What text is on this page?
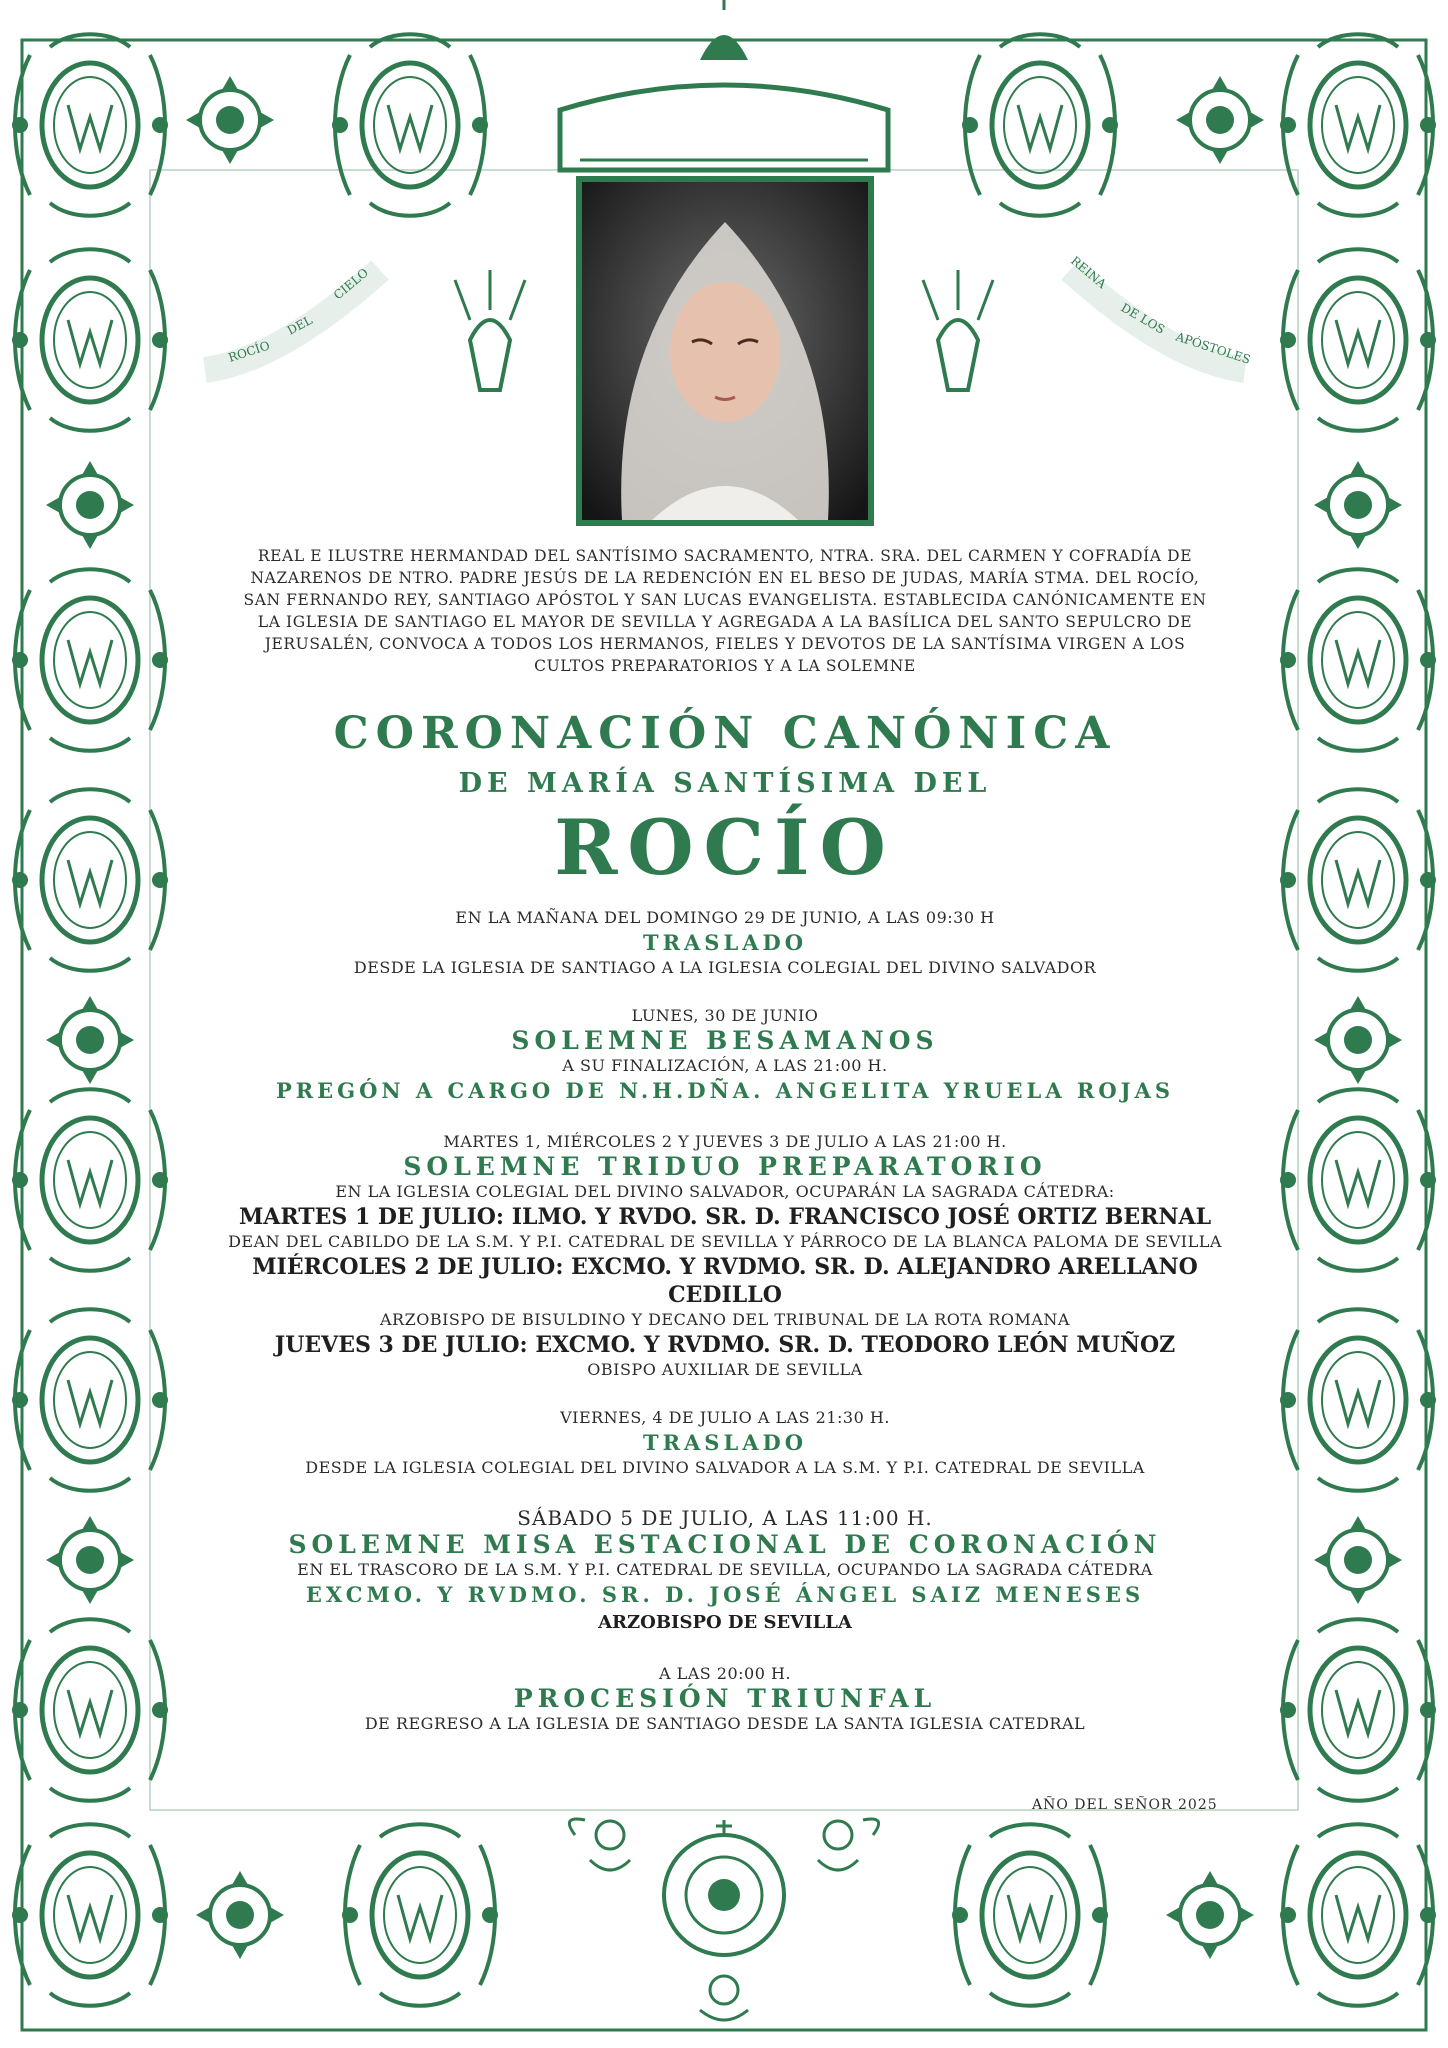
ROCÍO
DEL
CIELO	REINA
DE LOS
APÓSTOLES

REAL E ILUSTRE HERMANDAD DEL SANTÍSIMO SACRAMENTO, NTRA. SRA. DEL CARMEN Y COFRADÍA DE NAZARENOS DE NTRO. PADRE JESÚS DE LA REDENCIÓN EN EL BESO DE JUDAS, MARÍA STMA. DEL ROCÍO, SAN FERNANDO REY, SANTIAGO APÓSTOL Y SAN LUCAS EVANGELISTA. ESTABLECIDA CANÓNICAMENTE EN LA IGLESIA DE SANTIAGO EL MAYOR DE SEVILLA Y AGREGADA A LA BASÍLICA DEL SANTO SEPULCRO DE JERUSALÉN, CONVOCA A TODOS LOS HERMANOS, FIELES Y DEVOTOS DE LA SANTÍSIMA VIRGEN A LOS CULTOS PREPARATORIOS Y A LA SOLEMNE

CORONACIÓN CANÓNICA
DE MARÍA SANTÍSIMA DEL
ROCÍO
EN LA MAÑANA DEL DOMINGO 29 DE JUNIO, A LAS 09:30 H
TRASLADO
DESDE LA IGLESIA DE SANTIAGO A LA IGLESIA COLEGIAL DEL DIVINO SALVADOR
LUNES, 30 DE JUNIO
SOLEMNE BESAMANOS
A SU FINALIZACIÓN, A LAS 21:00 H.
PREGÓN A CARGO DE N.H.DÑA. ANGELITA YRUELA ROJAS
MARTES 1, MIÉRCOLES 2 Y JUEVES 3 DE JULIO A LAS 21:00 H.
SOLEMNE TRIDUO PREPARATORIO
EN LA IGLESIA COLEGIAL DEL DIVINO SALVADOR, OCUPARÁN LA SAGRADA CÁTEDRA:
MARTES 1 DE JULIO: ILMO. Y RVDO. SR. D. FRANCISCO JOSÉ ORTIZ BERNAL
DEAN DEL CABILDO DE LA S.M. Y P.I. CATEDRAL DE SEVILLA Y PÁRROCO DE LA BLANCA PALOMA DE SEVILLA
MIÉRCOLES 2 DE JULIO: EXCMO. Y RVDMO. SR. D. ALEJANDRO ARELLANO CEDILLO
ARZOBISPO DE BISULDINO Y DECANO DEL TRIBUNAL DE LA ROTA ROMANA
JUEVES 3 DE JULIO: EXCMO. Y RVDMO. SR. D. TEODORO LEÓN MUÑOZ
OBISPO AUXILIAR DE SEVILLA
VIERNES, 4 DE JULIO A LAS 21:30 H.
TRASLADO
DESDE LA IGLESIA COLEGIAL DEL DIVINO SALVADOR A LA S.M. Y P.I. CATEDRAL DE SEVILLA
SÁBADO 5 DE JULIO, A LAS 11:00 H.
SOLEMNE MISA ESTACIONAL DE CORONACIÓN
EN EL TRASCORO DE LA S.M. Y P.I. CATEDRAL DE SEVILLA, OCUPANDO LA SAGRADA CÁTEDRA
EXCMO. Y RVDMO. SR. D. JOSÉ ÁNGEL SAIZ MENESES
ARZOBISPO DE SEVILLA
A LAS 20:00 H.
PROCESIÓN TRIUNFAL
DE REGRESO A LA IGLESIA DE SANTIAGO DESDE LA SANTA IGLESIA CATEDRAL
AÑO DEL SEÑOR 2025
